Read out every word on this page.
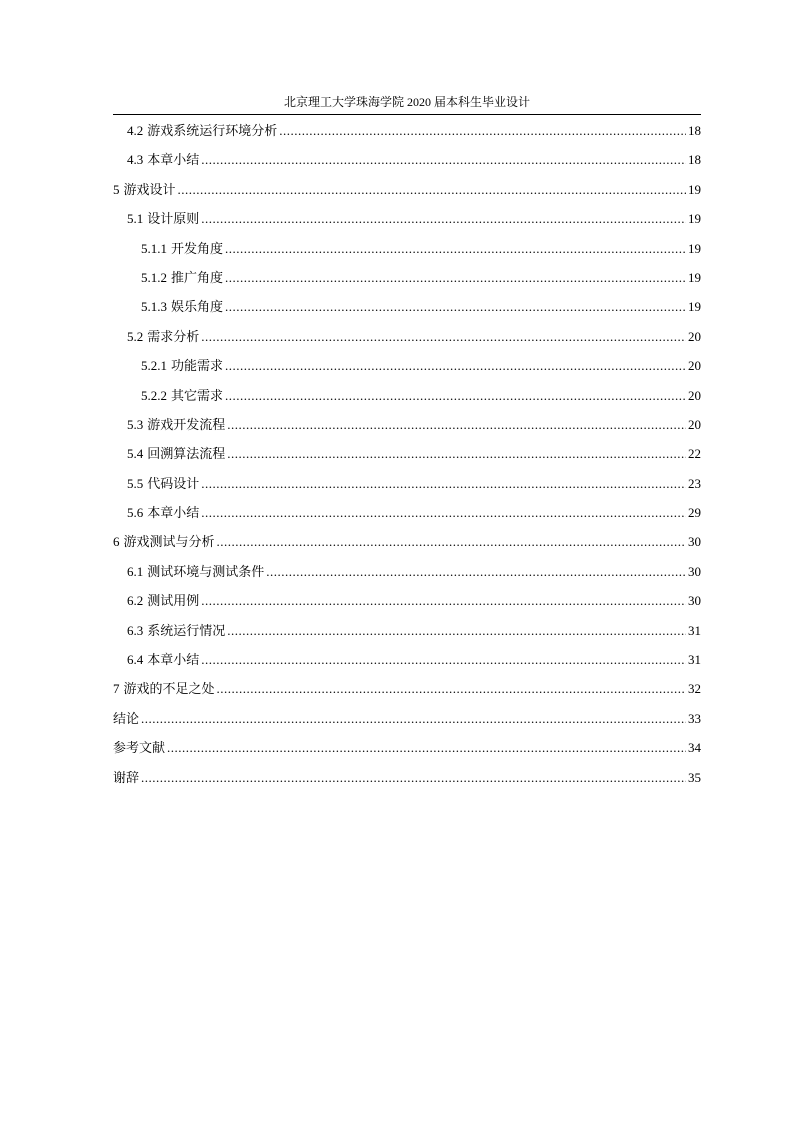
北京理工大学珠海学院 2020 届本科生毕业设计
4.2 游戏系统运行环境分析 .....	18
4.3 本章小结 .....	18
5 游戏设计 .....	19
5.1 设计原则 .....	19
5.1.1 开发角度 .....	19
5.1.2 推广角度 .....	19
5.1.3 娱乐角度 .....	19
5.2 需求分析 .....	20
5.2.1 功能需求 .....	20
5.2.2 其它需求 .....	20
5.3 游戏开发流程 .....	20
5.4 回溯算法流程 .....	22
5.5 代码设计 .....	23
5.6 本章小结 .....	29
6 游戏测试与分析 .....	30
6.1 测试环境与测试条件 .....	30
6.2 测试用例 .....	30
6.3 系统运行情况 .....	31
6.4 本章小结 .....	31
7 游戏的不足之处 .....	32
结论 .....	33
参考文献 .....	34
谢辞 .....	35
